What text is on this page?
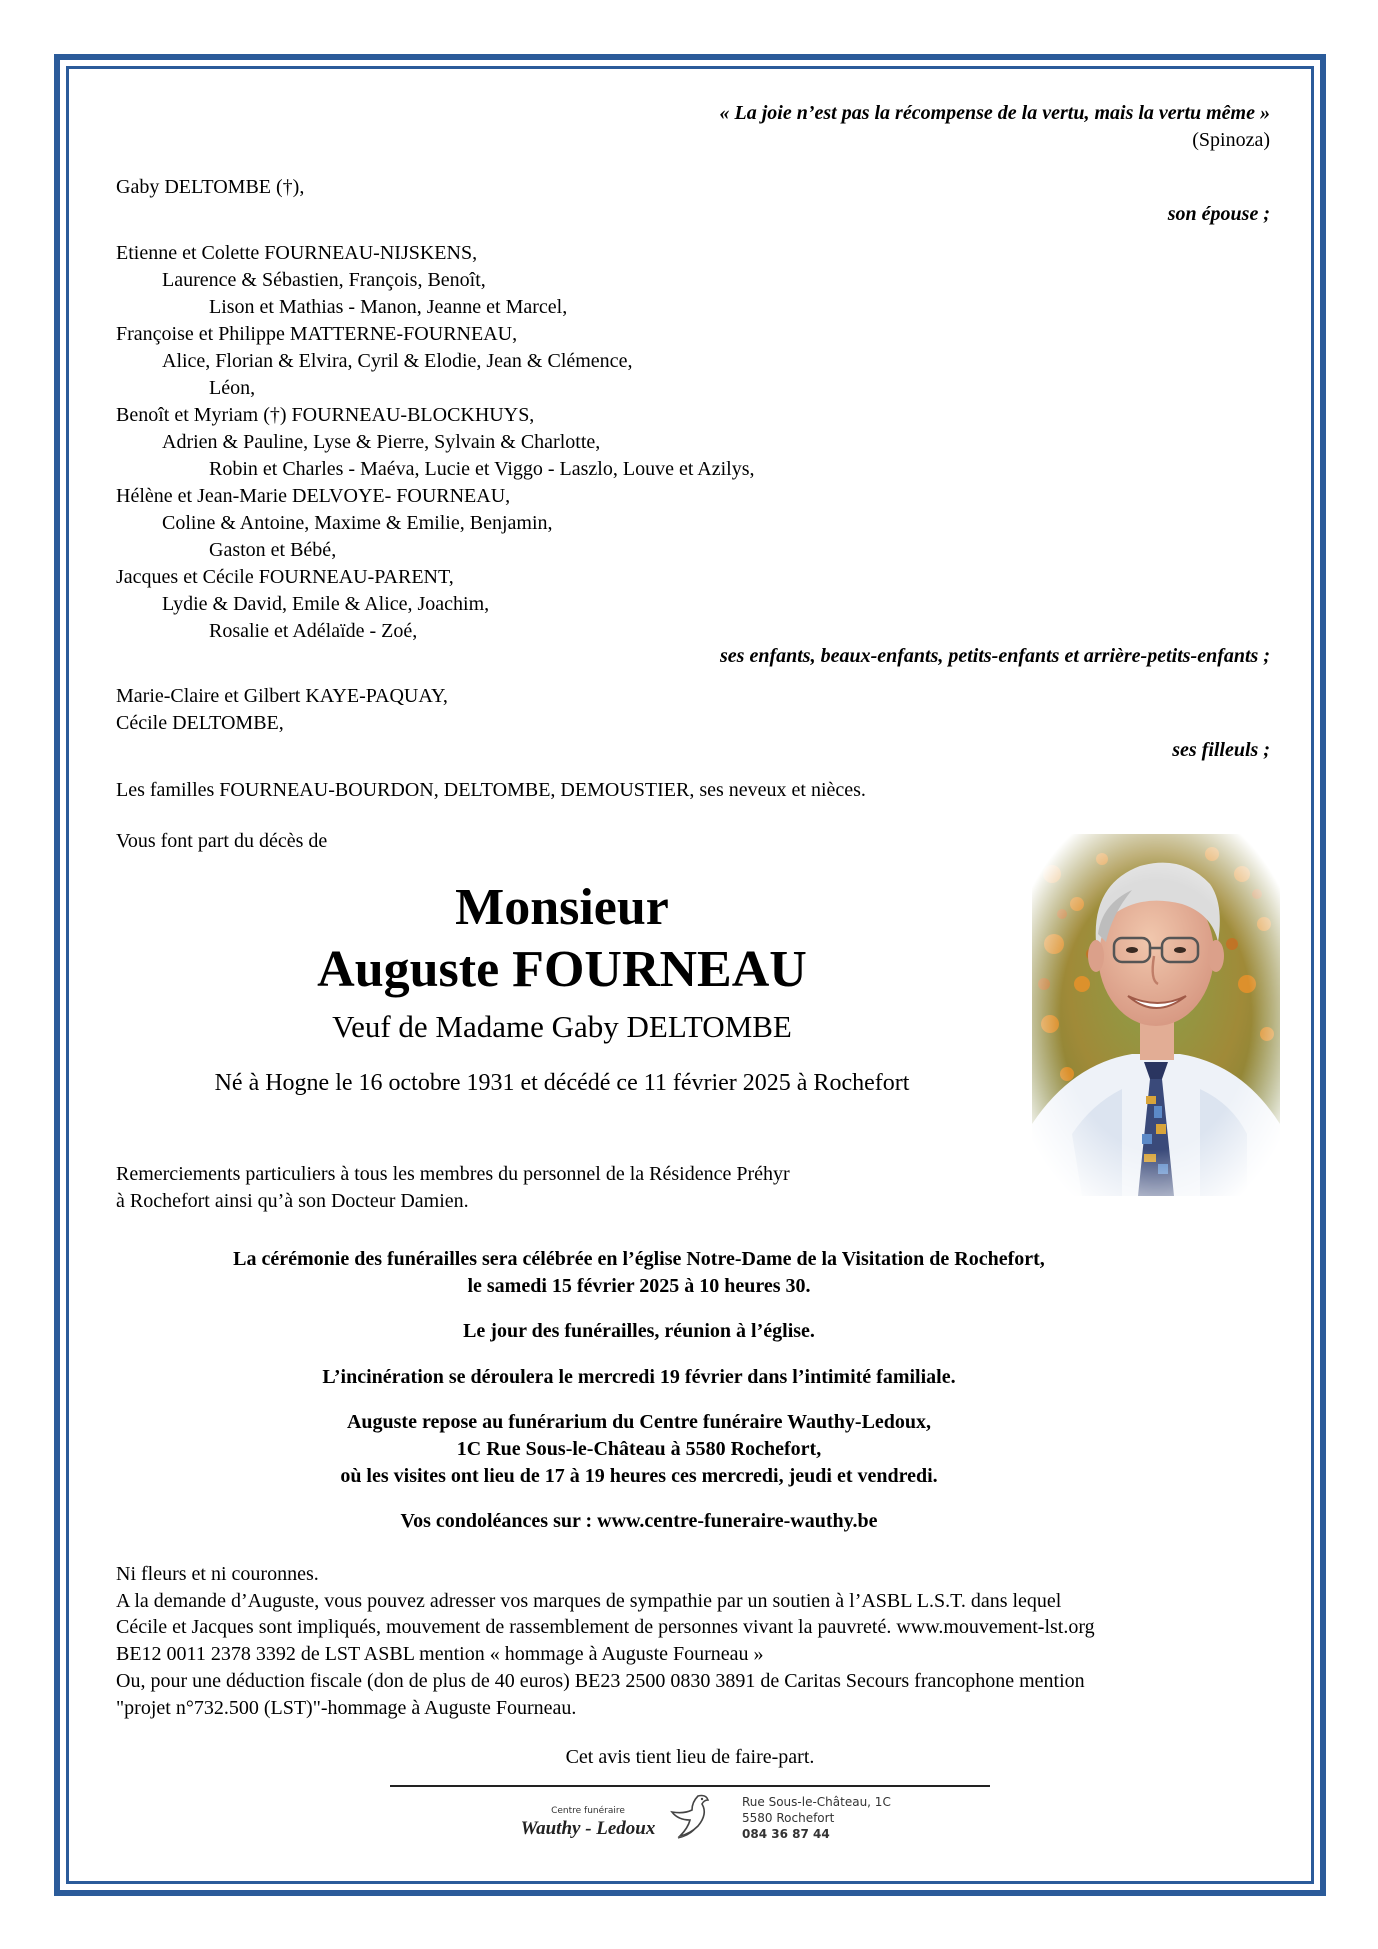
« La joie n’est pas la récompense de la vertu, mais la vertu même »
(Spinoza)
Gaby DELTOMBE (†),
son épouse ;
Etienne et Colette FOURNEAU-NIJSKENS,
Laurence & Sébastien, François, Benoît,
Lison et Mathias - Manon, Jeanne et Marcel,
Françoise et Philippe MATTERNE-FOURNEAU,
Alice, Florian & Elvira, Cyril & Elodie, Jean & Clémence,
Léon,
Benoît et Myriam (†) FOURNEAU-BLOCKHUYS,
Adrien & Pauline, Lyse & Pierre, Sylvain & Charlotte,
Robin et Charles - Maéva, Lucie et Viggo - Laszlo, Louve et Azilys,
Hélène et Jean-Marie DELVOYE- FOURNEAU,
Coline & Antoine, Maxime & Emilie, Benjamin,
Gaston et Bébé,
Jacques et Cécile FOURNEAU-PARENT,
Lydie & David, Emile & Alice, Joachim,
Rosalie et Adélaïde - Zoé,
ses enfants, beaux-enfants, petits-enfants et arrière-petits-enfants ;
Marie-Claire et Gilbert KAYE-PAQUAY,
Cécile DELTOMBE,
ses filleuls ;
Les familles FOURNEAU-BOURDON, DELTOMBE, DEMOUSTIER, ses neveux et nièces.
Vous font part du décès de
Monsieur
Auguste FOURNEAU
Veuf de Madame Gaby DELTOMBE
Né à Hogne le 16 octobre 1931 et décédé ce 11 février 2025 à Rochefort
Remerciements particuliers à tous les membres du personnel de la Résidence Préhyr
à Rochefort ainsi qu’à son Docteur Damien.
La cérémonie des funérailles sera célébrée en l’église Notre-Dame de la Visitation de Rochefort,
le samedi 15 février 2025 à 10 heures 30.
Le jour des funérailles, réunion à l’église.
L’incinération se déroulera le mercredi 19 février dans l’intimité familiale.
Auguste repose au funérarium du Centre funéraire Wauthy-Ledoux,
1C Rue Sous-le-Château à 5580 Rochefort,
où les visites ont lieu de 17 à 19 heures ces mercredi, jeudi et vendredi.
Vos condoléances sur : www.centre-funeraire-wauthy.be
Ni fleurs et ni couronnes.
A la demande d’Auguste, vous pouvez adresser vos marques de sympathie par un soutien à l’ASBL L.S.T. dans lequel
Cécile et Jacques sont impliqués, mouvement de rassemblement de personnes vivant la pauvreté. www.mouvement-lst.org
BE12 0011 2378 3392 de LST ASBL mention « hommage à Auguste Fourneau »
Ou, pour une déduction fiscale (don de plus de 40 euros) BE23 2500 0830 3891 de Caritas Secours francophone mention
"projet n°732.500 (LST)"-hommage à Auguste Fourneau.
Cet avis tient lieu de faire-part.
Centre funéraire
Wauthy - Ledoux
Rue Sous-le-Château, 1C
5580 Rochefort
084 36 87 44
